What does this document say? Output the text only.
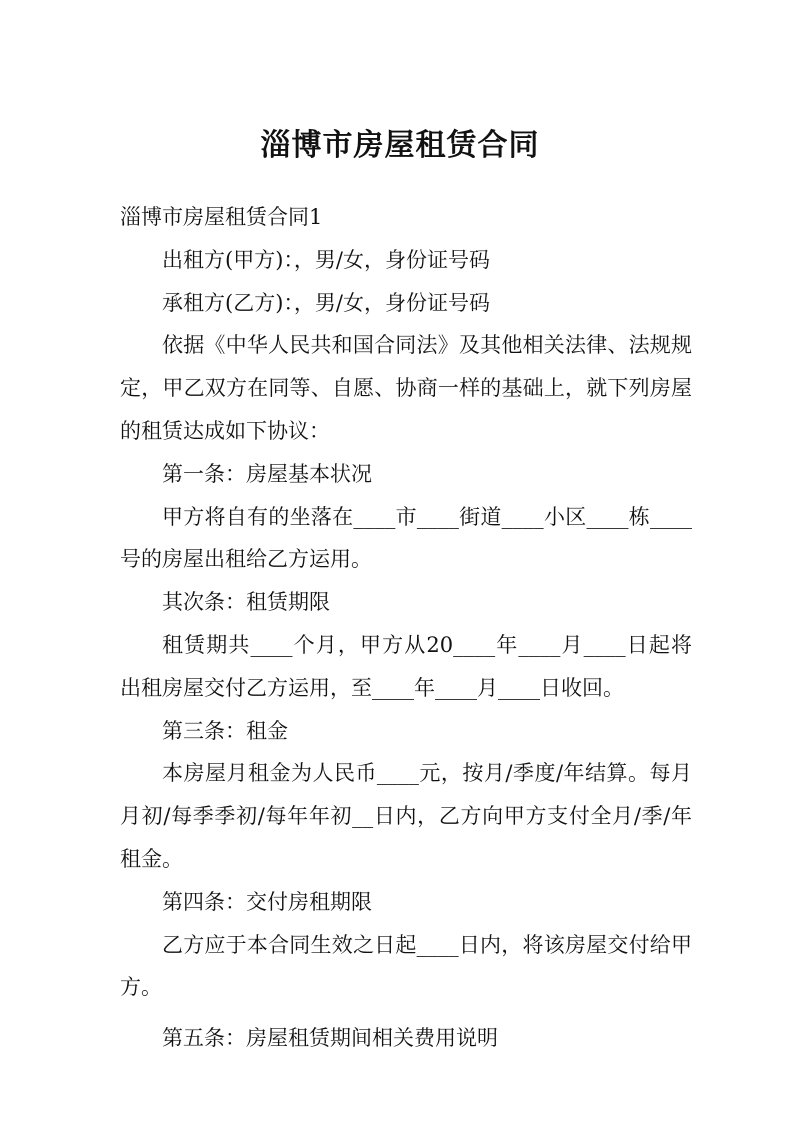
淄博市房屋租赁合同

淄博市房屋租赁合同1

出租方(甲方)：，男/女，身份证号码

承租方(乙方)：，男/女，身份证号码

依据《中华人民共和国合同法》及其他相关法律、法规规定，甲乙双方在同等、自愿、协商一样的基础上，就下列房屋的租赁达成如下协议：

第一条：房屋基本状况

甲方将自有的坐落在____市____街道____小区____栋____号的房屋出租给乙方运用。

其次条：租赁期限

租赁期共____个月，甲方从20____年____月____日起将出租房屋交付乙方运用，至____年____月____日收回。

第三条：租金

本房屋月租金为人民币____元，按月/季度/年结算。每月月初/每季季初/每年年初__日内，乙方向甲方支付全月/季/年租金。

第四条：交付房租期限

乙方应于本合同生效之日起____日内，将该房屋交付给甲方。

第五条：房屋租赁期间相关费用说明
